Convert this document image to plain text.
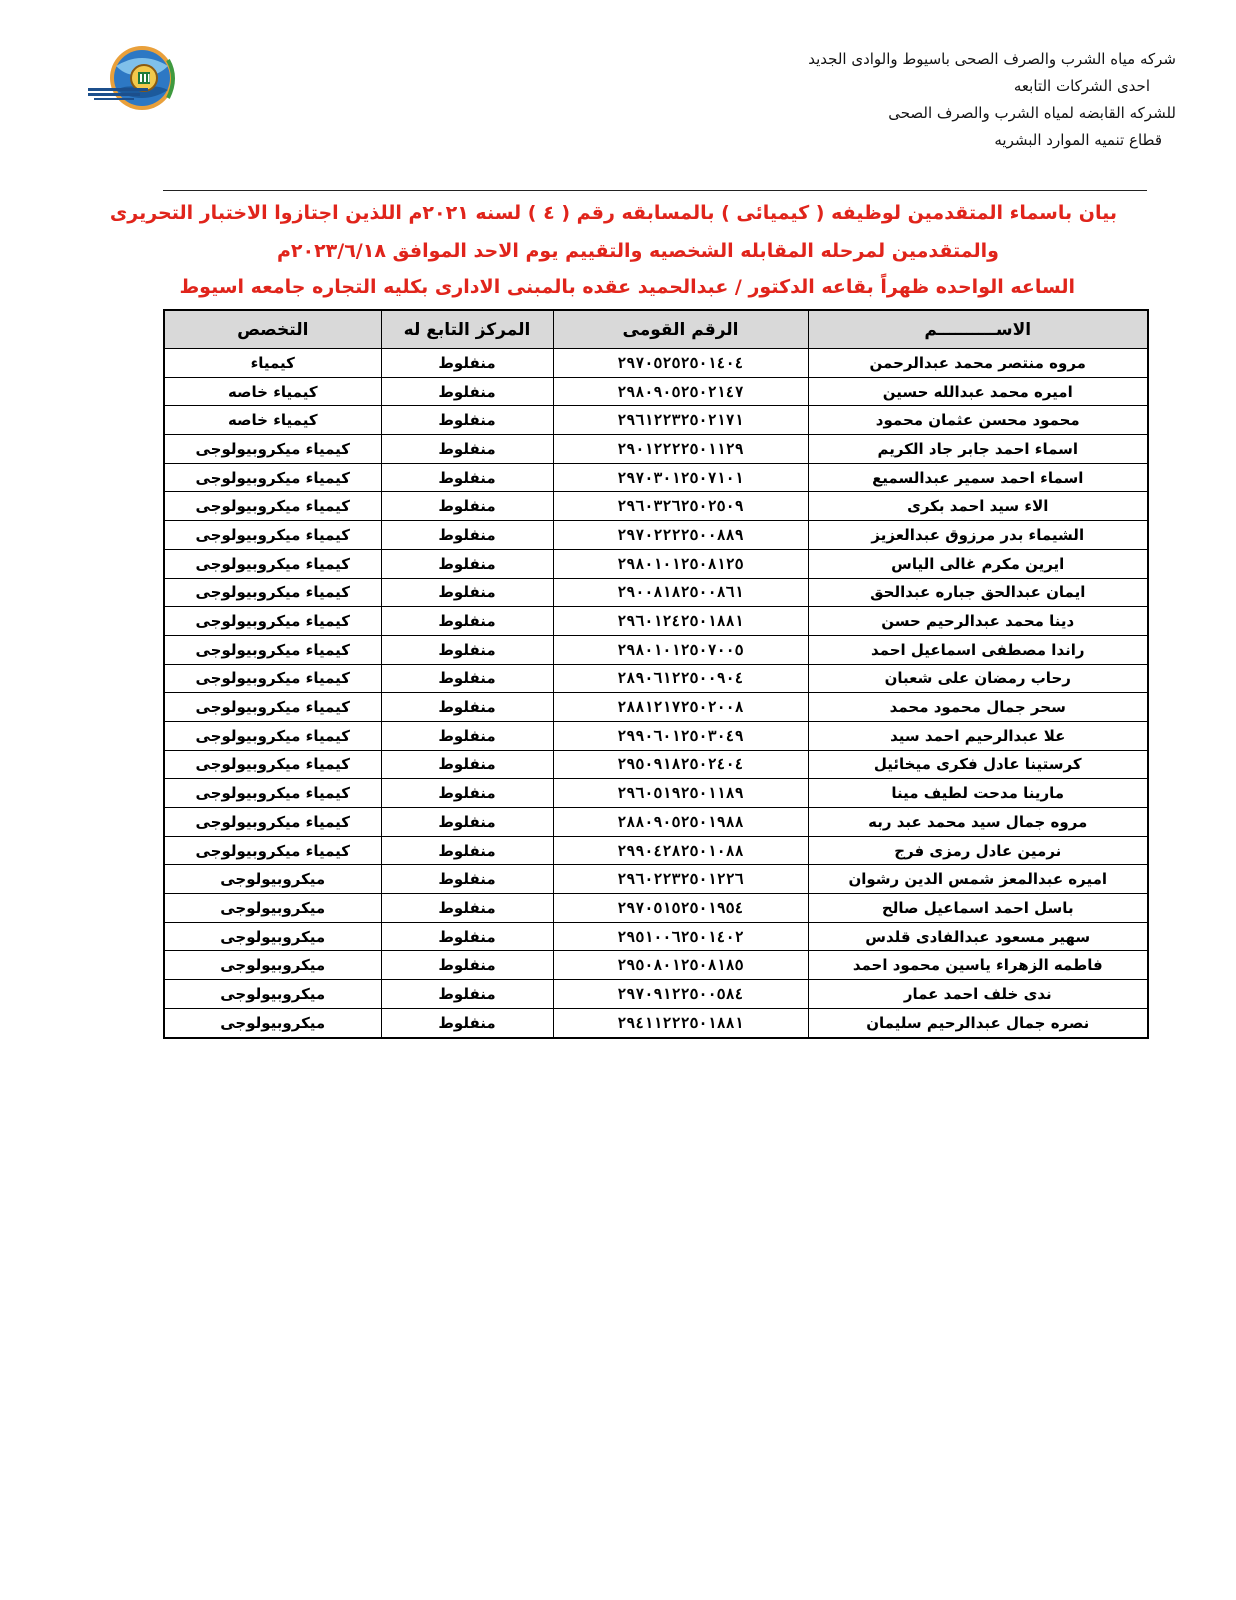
شركه مياه الشرب والصرف الصحى باسيوط والوادى الجديد
احدى الشركات التابعه
للشركه القابضه لمياه الشرب والصرف الصحى
قطاع تنميه الموارد البشريه
بيان باسماء المتقدمين لوظيفه ( كيميائى ) بالمسابقه رقم ( ٤ ) لسنه ٢٠٢١م اللذين اجتازوا الاختبار التحريرى
والمتقدمين لمرحله المقابله الشخصيه والتقييم يوم الاحد الموافق ٢٠٢٣/٦/١٨م
الساعه الواحده ظهراً بقاعه الدكتور / عبدالحميد عقده بالمبنى الادارى بكليه التجاره جامعه اسيوط
الاســــــــــم	الرقم القومى	المركز التابع له	التخصص
مروه منتصر محمد عبدالرحمن	٢٩٧٠٥٢٥٢٥٠١٤٠٤	منفلوط	كيمياء
اميره محمد عبدالله حسين	٢٩٨٠٩٠٥٢٥٠٢١٤٧	منفلوط	كيمياء خاصه
محمود محسن عثمان محمود	٢٩٦١٢٢٣٢٥٠٢١٧١	منفلوط	كيمياء خاصه
اسماء احمد جابر جاد الكريم	٢٩٠١٢٢٢٢٥٠١١٢٩	منفلوط	كيمياء ميكروبيولوجى
اسماء احمد سمير عبدالسميع	٢٩٧٠٣٠١٢٥٠٧١٠١	منفلوط	كيمياء ميكروبيولوجى
الاء سيد احمد بكرى	٢٩٦٠٣٢٦٢٥٠٢٥٠٩	منفلوط	كيمياء ميكروبيولوجى
الشيماء بدر مرزوق عبدالعزيز	٢٩٧٠٢٢٢٢٥٠٠٨٨٩	منفلوط	كيمياء ميكروبيولوجى
ايرين مكرم غالى الياس	٢٩٨٠١٠١٢٥٠٨١٢٥	منفلوط	كيمياء ميكروبيولوجى
ايمان عبدالحق جباره عبدالحق	٢٩٠٠٨١٨٢٥٠٠٨٦١	منفلوط	كيمياء ميكروبيولوجى
دينا محمد عبدالرحيم حسن	٢٩٦٠١٢٤٢٥٠١٨٨١	منفلوط	كيمياء ميكروبيولوجى
راندا مصطفى اسماعيل احمد	٢٩٨٠١٠١٢٥٠٧٠٠٥	منفلوط	كيمياء ميكروبيولوجى
رحاب رمضان على شعبان	٢٨٩٠٦١٢٢٥٠٠٩٠٤	منفلوط	كيمياء ميكروبيولوجى
سحر جمال محمود محمد	٢٨٨١٢١٧٢٥٠٢٠٠٨	منفلوط	كيمياء ميكروبيولوجى
علا عبدالرحيم احمد سيد	٢٩٩٠٦٠١٢٥٠٣٠٤٩	منفلوط	كيمياء ميكروبيولوجى
كرستينا عادل فكرى ميخائيل	٢٩٥٠٩١٨٢٥٠٢٤٠٤	منفلوط	كيمياء ميكروبيولوجى
مارينا مدحت لطيف مينا	٢٩٦٠٥١٩٢٥٠١١٨٩	منفلوط	كيمياء ميكروبيولوجى
مروه جمال سيد محمد عبد ربه	٢٨٨٠٩٠٥٢٥٠١٩٨٨	منفلوط	كيمياء ميكروبيولوجى
نرمين عادل رمزى فرج	٢٩٩٠٤٢٨٢٥٠١٠٨٨	منفلوط	كيمياء ميكروبيولوجى
اميره عبدالمعز شمس الدين رشوان	٢٩٦٠٢٢٣٢٥٠١٢٢٦	منفلوط	ميكروبيولوجى
باسل احمد اسماعيل صالح	٢٩٧٠٥١٥٢٥٠١٩٥٤	منفلوط	ميكروبيولوجى
سهير مسعود عبدالفادى قلدس	٢٩٥١٠٠٦٢٥٠١٤٠٢	منفلوط	ميكروبيولوجى
فاطمه الزهراء ياسين محمود احمد	٢٩٥٠٨٠١٢٥٠٨١٨٥	منفلوط	ميكروبيولوجى
ندى خلف احمد عمار	٢٩٧٠٩١٢٢٥٠٠٥٨٤	منفلوط	ميكروبيولوجى
نصره جمال عبدالرحيم سليمان	٢٩٤١١٢٢٢٥٠١٨٨١	منفلوط	ميكروبيولوجى
